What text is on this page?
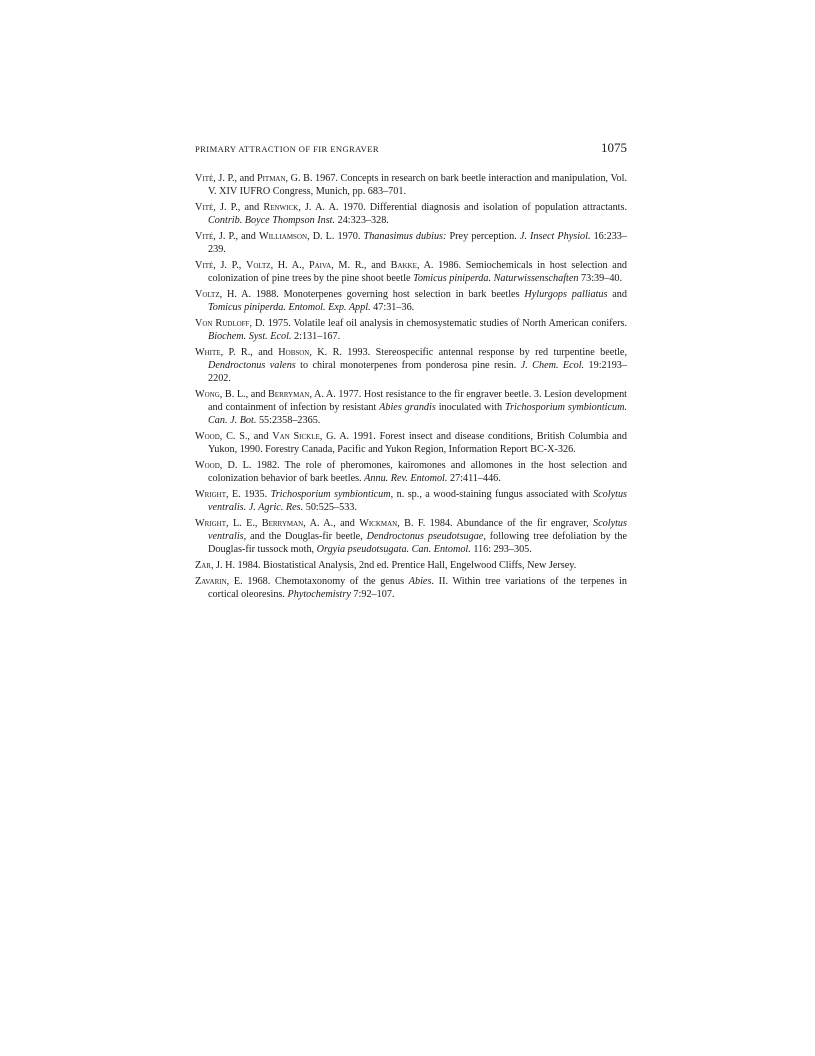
PRIMARY ATTRACTION OF FIR ENGRAVER	1075
Vité, J. P., and Pitman, G. B. 1967. Concepts in research on bark beetle interaction and manipulation, Vol. V. XIV IUFRO Congress, Munich, pp. 683–701.
Vité, J. P., and Renwick, J. A. A. 1970. Differential diagnosis and isolation of population attractants. Contrib. Boyce Thompson Inst. 24:323–328.
Vité, J. P., and Williamson, D. L. 1970. Thanasimus dubius: Prey perception. J. Insect Physiol. 16:233–239.
Vité, J. P., Voltz, H. A., Paiva, M. R., and Bakke, A. 1986. Semiochemicals in host selection and colonization of pine trees by the pine shoot beetle Tomicus piniperda. Naturwissenschaften 73:39–40.
Voltz, H. A. 1988. Monoterpenes governing host selection in bark beetles Hylurgops palliatus and Tomicus piniperda. Entomol. Exp. Appl. 47:31–36.
Von Rudloff, D. 1975. Volatile leaf oil analysis in chemosystematic studies of North American conifers. Biochem. Syst. Ecol. 2:131–167.
White, P. R., and Hobson, K. R. 1993. Stereospecific antennal response by red turpentine beetle, Dendroctonus valens to chiral monoterpenes from ponderosa pine resin. J. Chem. Ecol. 19:2193–2202.
Wong, B. L., and Berryman, A. A. 1977. Host resistance to the fir engraver beetle. 3. Lesion development and containment of infection by resistant Abies grandis inoculated with Trichosporium symbionticum. Can. J. Bot. 55:2358–2365.
Wood, C. S., and Van Sickle, G. A. 1991. Forest insect and disease conditions, British Columbia and Yukon, 1990. Forestry Canada, Pacific and Yukon Region, Information Report BC-X-326.
Wood, D. L. 1982. The role of pheromones, kairomones and allomones in the host selection and colonization behavior of bark beetles. Annu. Rev. Entomol. 27:411–446.
Wright, E. 1935. Trichosporium symbionticum, n. sp., a wood-staining fungus associated with Scolytus ventralis. J. Agric. Res. 50:525–533.
Wright, L. E., Berryman, A. A., and Wickman, B. F. 1984. Abundance of the fir engraver, Scolytus ventralis, and the Douglas-fir beetle, Dendroctonus pseudotsugae, following tree defoliation by the Douglas-fir tussock moth, Orgyia pseudotsugata. Can. Entomol. 116: 293–305.
Zar, J. H. 1984. Biostatistical Analysis, 2nd ed. Prentice Hall, Engelwood Cliffs, New Jersey.
Zavarin, E. 1968. Chemotaxonomy of the genus Abies. II. Within tree variations of the terpenes in cortical oleoresins. Phytochemistry 7:92–107.
